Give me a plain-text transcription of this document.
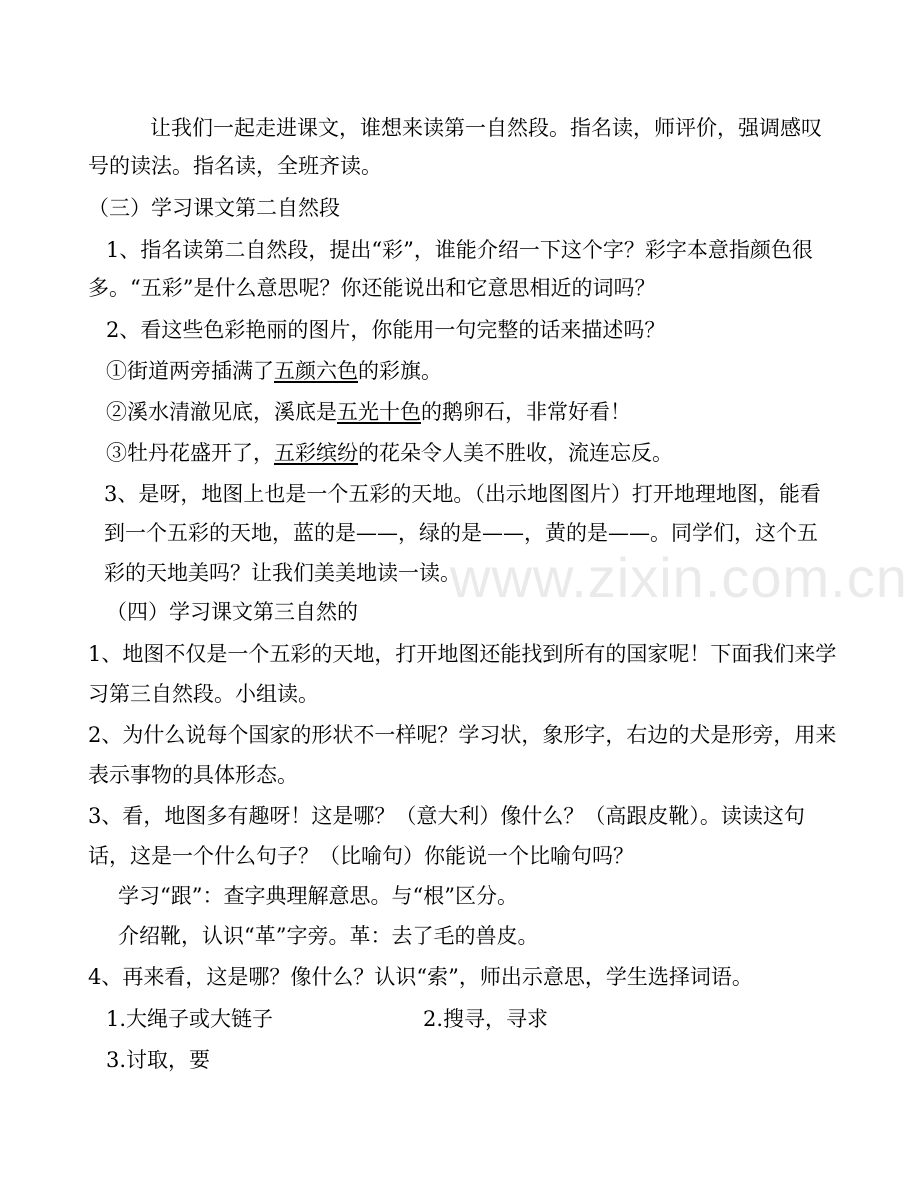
www.zixin.com.cn
让我们一起走进课文，谁想来读第一自然段。指名读，师评价，强调感叹
号的读法。指名读，全班齐读。
（三）学习课文第二自然段
1、指名读第二自然段，提出“彩”，谁能介绍一下这个字？彩字本意指颜色很
多。“五彩”是什么意思呢？你还能说出和它意思相近的词吗？
2、看这些色彩艳丽的图片，你能用一句完整的话来描述吗？
①街道两旁插满了五颜六色的彩旗。
②溪水清澈见底，溪底是五光十色的鹅卵石，非常好看！
③牡丹花盛开了，五彩缤纷的花朵令人美不胜收，流连忘反。
3、是呀，地图上也是一个五彩的天地。（出示地图图片）打开地理地图，能看
到一个五彩的天地，蓝的是——，绿的是——，黄的是——。同学们，这个五
彩的天地美吗？让我们美美地读一读。
（四）学习课文第三自然的
1、地图不仅是一个五彩的天地，打开地图还能找到所有的国家呢！下面我们来学
习第三自然段。小组读。
2、为什么说每个国家的形状不一样呢？学习状，象形字，右边的犬是形旁，用来
表示事物的具体形态。
3、看，地图多有趣呀！这是哪？（意大利）像什么？（高跟皮靴）。读读这句
话，这是一个什么句子？（比喻句）你能说一个比喻句吗？
学习“跟”：查字典理解意思。与“根”区分。
介绍靴，认识“革”字旁。革：去了毛的兽皮。
4、再来看，这是哪？像什么？认识“索”，师出示意思，学生选择词语。
1.大绳子或大链子	2.搜寻，寻求
3.讨取，要
